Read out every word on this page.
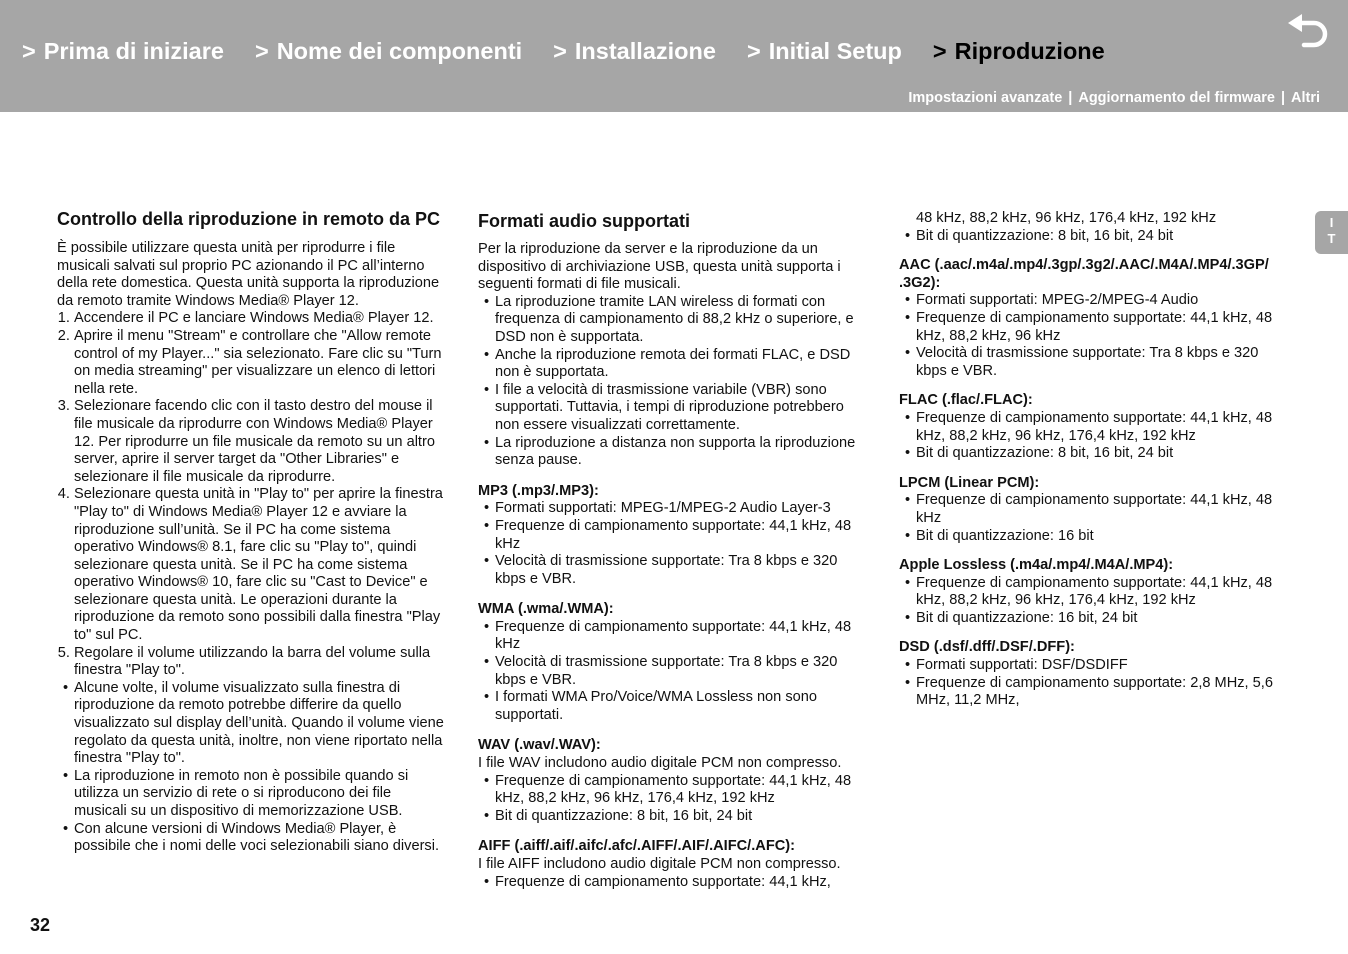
> Prima di iniziare > Nome dei componenti > Installazione > Initial Setup > Riproduzione
Impostazioni avanzate | Aggiornamento del firmware | Altri
I
T
Controllo della riproduzione in remoto da PC

È possibile utilizzare questa unità per riprodurre i file musicali salvati sul proprio PC azionando il PC all’interno della rete domestica. Questa unità supporta la riproduzione da remoto tramite Windows Media® Player 12.

1. Accendere il PC e lanciare Windows Media® Player 12.
2. Aprire il menu "Stream" e controllare che "Allow remote control of my Player..." sia selezionato. Fare clic su "Turn on media streaming" per visualizzare un elenco di lettori nella rete.
3. Selezionare facendo clic con il tasto destro del mouse il file musicale da riprodurre con Windows Media® Player 12. Per riprodurre un file musicale da remoto su un altro server, aprire il server target da "Other Libraries" e selezionare il file musicale da riprodurre.
4. Selezionare questa unità in "Play to" per aprire la finestra "Play to" di Windows Media® Player 12 e avviare la riproduzione sull’unità. Se il PC ha come sistema operativo Windows® 8.1, fare clic su "Play to", quindi selezionare questa unità. Se il PC ha come sistema operativo Windows® 10, fare clic su "Cast to Device" e selezionare questa unità. Le operazioni durante la riproduzione da remoto sono possibili dalla finestra "Play to" sul PC.
5. Regolare il volume utilizzando la barra del volume sulla finestra "Play to".
• Alcune volte, il volume visualizzato sulla finestra di riproduzione da remoto potrebbe differire da quello visualizzato sul display dell’unità. Quando il volume viene regolato da questa unità, inoltre, non viene riportato nella finestra "Play to".
• La riproduzione in remoto non è possibile quando si utilizza un servizio di rete o si riproducono dei file musicali su un dispositivo di memorizzazione USB.
• Con alcune versioni di Windows Media® Player, è possibile che i nomi delle voci selezionabili siano diversi.
Formati audio supportati

Per la riproduzione da server e la riproduzione da un dispositivo di archiviazione USB, questa unità supporta i seguenti formati di file musicali.

• La riproduzione tramite LAN wireless di formati con frequenza di campionamento di 88,2 kHz o superiore, e DSD non è supportata.
• Anche la riproduzione remota dei formati FLAC, e DSD non è supportata.
• I file a velocità di trasmissione variabile (VBR) sono supportati. Tuttavia, i tempi di riproduzione potrebbero non essere visualizzati correttamente.
• La riproduzione a distanza non supporta la riproduzione senza pause.
MP3 (.mp3/.MP3):
• Formati supportati: MPEG-1/MPEG-2 Audio Layer-3
• Frequenze di campionamento supportate: 44,1 kHz, 48 kHz
• Velocità di trasmissione supportate: Tra 8 kbps e 320 kbps e VBR.
WMA (.wma/.WMA):
• Frequenze di campionamento supportate: 44,1 kHz, 48 kHz
• Velocità di trasmissione supportate: Tra 8 kbps e 320 kbps e VBR.
• I formati WMA Pro/Voice/WMA Lossless non sono supportati.
WAV (.wav/.WAV):

I file WAV includono audio digitale PCM non compresso.

• Frequenze di campionamento supportate: 44,1 kHz, 48 kHz, 88,2 kHz, 96 kHz, 176,4 kHz, 192 kHz
• Bit di quantizzazione: 8 bit, 16 bit, 24 bit
AIFF (.aiff/.aif/.aifc/.afc/.AIFF/.AIF/.AIFC/.AFC):

I file AIFF includono audio digitale PCM non compresso.

• Frequenze di campionamento supportate: 44,1 kHz,

48 kHz, 88,2 kHz, 96 kHz, 176,4 kHz, 192 kHz

• Bit di quantizzazione: 8 bit, 16 bit, 24 bit
AAC (.aac/.m4a/.mp4/.3gp/.3g2/.AAC/.M4A/.MP4/.3GP/ .3G2):
• Formati supportati: MPEG-2/MPEG-4 Audio
• Frequenze di campionamento supportate: 44,1 kHz, 48 kHz, 88,2 kHz, 96 kHz
• Velocità di trasmissione supportate: Tra 8 kbps e 320 kbps e VBR.
FLAC (.flac/.FLAC):
• Frequenze di campionamento supportate: 44,1 kHz, 48 kHz, 88,2 kHz, 96 kHz, 176,4 kHz, 192 kHz
• Bit di quantizzazione: 8 bit, 16 bit, 24 bit
LPCM (Linear PCM):
• Frequenze di campionamento supportate: 44,1 kHz, 48 kHz
• Bit di quantizzazione: 16 bit
Apple Lossless (.m4a/.mp4/.M4A/.MP4):
• Frequenze di campionamento supportate: 44,1 kHz, 48 kHz, 88,2 kHz, 96 kHz, 176,4 kHz, 192 kHz
• Bit di quantizzazione: 16 bit, 24 bit
DSD (.dsf/.dff/.DSF/.DFF):
• Formati supportati: DSF/DSDIFF
• Frequenze di campionamento supportate: 2,8 MHz, 5,6 MHz, 11,2 MHz,
32
